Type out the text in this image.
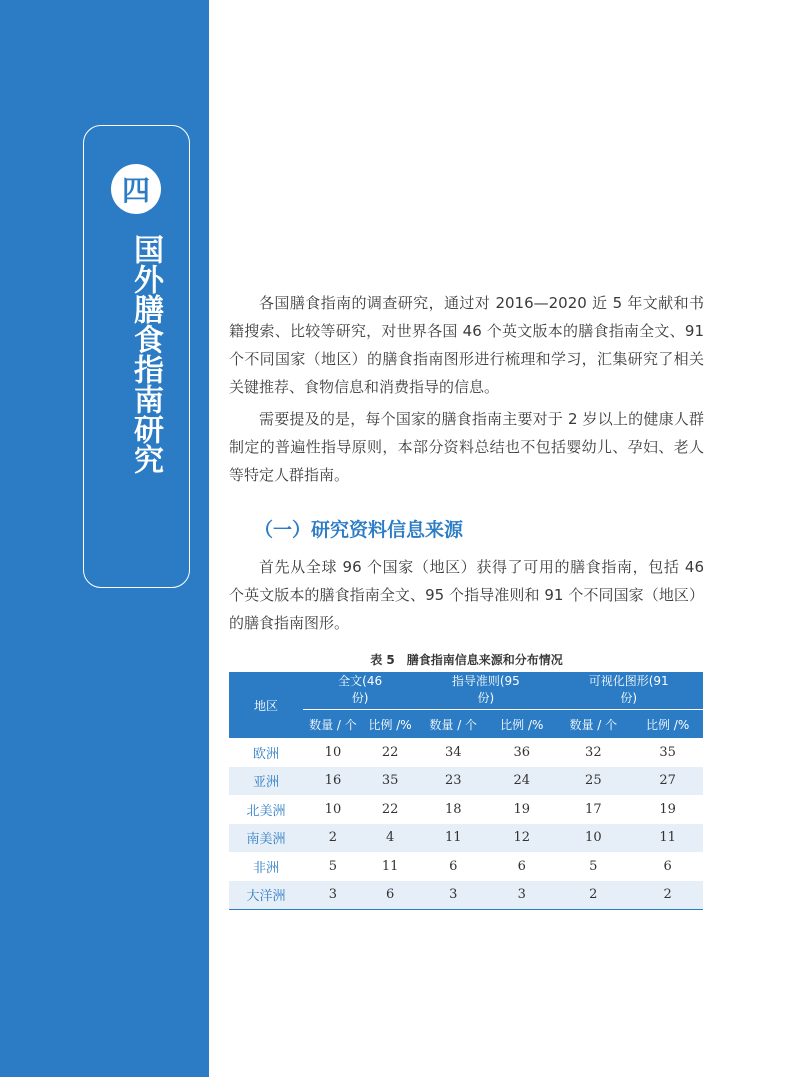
四
国外膳食指南研究	各国膳食指南的调查研究，通过对 2016—2020 近 5 年文献和书籍搜索、比较等研究，对世界各国 46 个英文版本的膳食指南全文、91 个不同国家（地区）的膳食指南图形进行梳理和学习，汇集研究了相关关键推荐、食物信息和消费指导的信息。

需要提及的是，每个国家的膳食指南主要对于 2 岁以上的健康人群制定的普遍性指导原则，本部分资料总结也不包括婴幼儿、孕妇、老人等特定人群指南。

（一）研究资料信息来源

首先从全球 96 个国家（地区）获得了可用的膳食指南，包括 46 个英文版本的膳食指南全文、95 个指导准则和 91 个不同国家（地区）的膳食指南图形。

表 5　膳食指南信息来源和分布情况
地区	全文(46 份)		指导准则(95 份)		可视化图形(91 份)	
	数量 / 个	比例 /%	数量 / 个	比例 /%	数量 / 个	比例 /%
欧洲	10	22	34	36	32	35
亚洲	16	35	23	24	25	27
北美洲	10	22	18	19	17	19
南美洲	2	4	11	12	10	11
非洲	5	11	6	6	5	6
大洋洲	3	6	3	3	2	2
